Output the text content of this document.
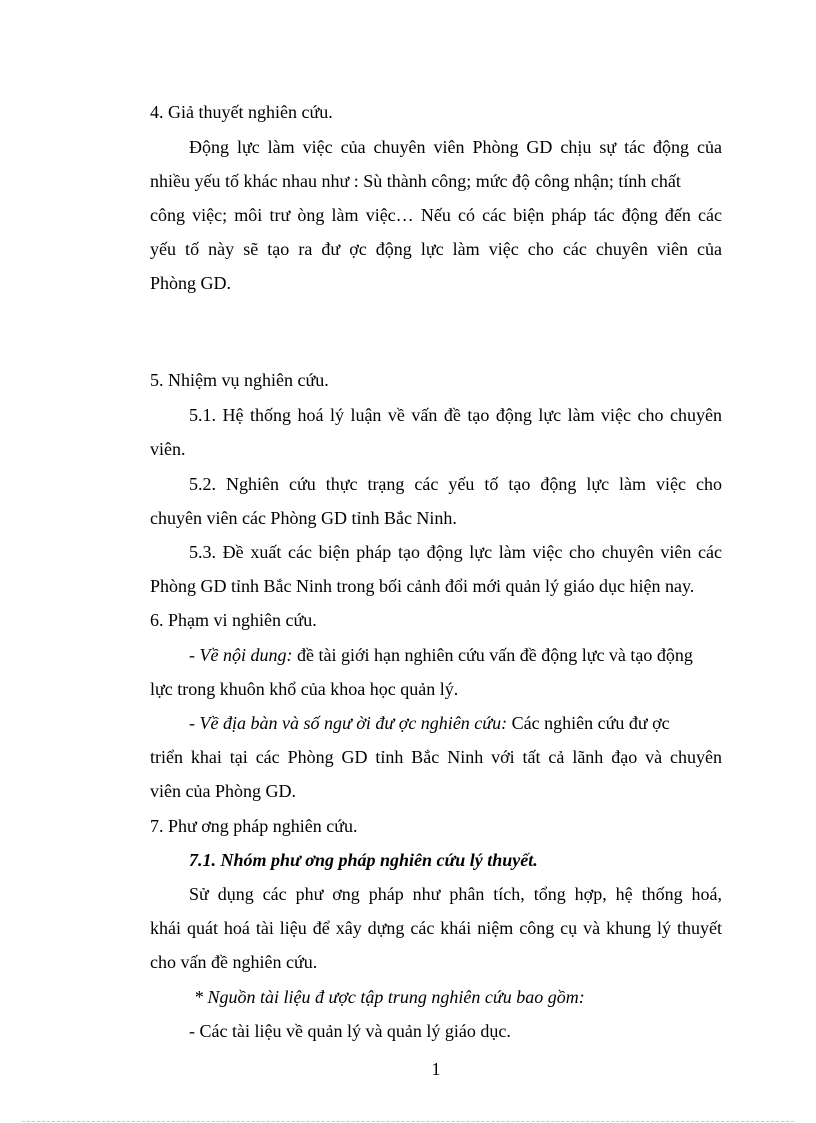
4. Giả thuyết nghiên cứu.
Động lực làm việc của chuyên viên Phòng GD chịu sự tác động của
nhiều yếu tố khác nhau như : Sù thành công; mức độ công nhận; tính chất
công việc; môi trư òng làm việc… Nếu có các biện pháp tác động đến các
yếu tố này sẽ tạo ra đư ợc động lực làm việc cho các chuyên viên của
Phòng GD.
5. Nhiệm vụ nghiên cứu.
5.1. Hệ thống hoá lý luận về vấn đề tạo động lực làm việc cho chuyên
viên.
5.2. Nghiên cứu thực trạng các yếu tố tạo động lực làm việc cho
chuyên viên các Phòng GD tỉnh Bắc Ninh.
5.3. Đề xuất các biện pháp tạo động lực làm việc cho chuyên viên các
Phòng GD tỉnh Bắc Ninh trong bối cảnh đổi mới quản lý giáo dục hiện nay.
6. Phạm vi nghiên cứu.
- Về nội dung: đề tài giới hạn nghiên cứu vấn đề động lực và tạo động
lực trong khuôn khổ của khoa học quản lý.
- Về địa bàn và số ngư ời đư ợc nghiên cứu: Các nghiên cứu đư ợc
triển khai tại các Phòng GD tỉnh Bắc Ninh với tất cả lãnh đạo và chuyên
viên của Phòng GD.
7. Phư ơng pháp nghiên cứu.
7.1. Nhóm phư ơng pháp nghiên cứu lý thuyết.
Sử dụng các phư ơng pháp như phân tích, tổng hợp, hệ thống hoá,
khái quát hoá tài liệu để xây dựng các khái niệm công cụ và khung lý thuyết
cho vấn đề nghiên cứu.
* Nguồn tài liệu đ ược tập trung nghiên cứu bao gồm:
- Các tài liệu về quản lý và quản lý giáo dục.
1
